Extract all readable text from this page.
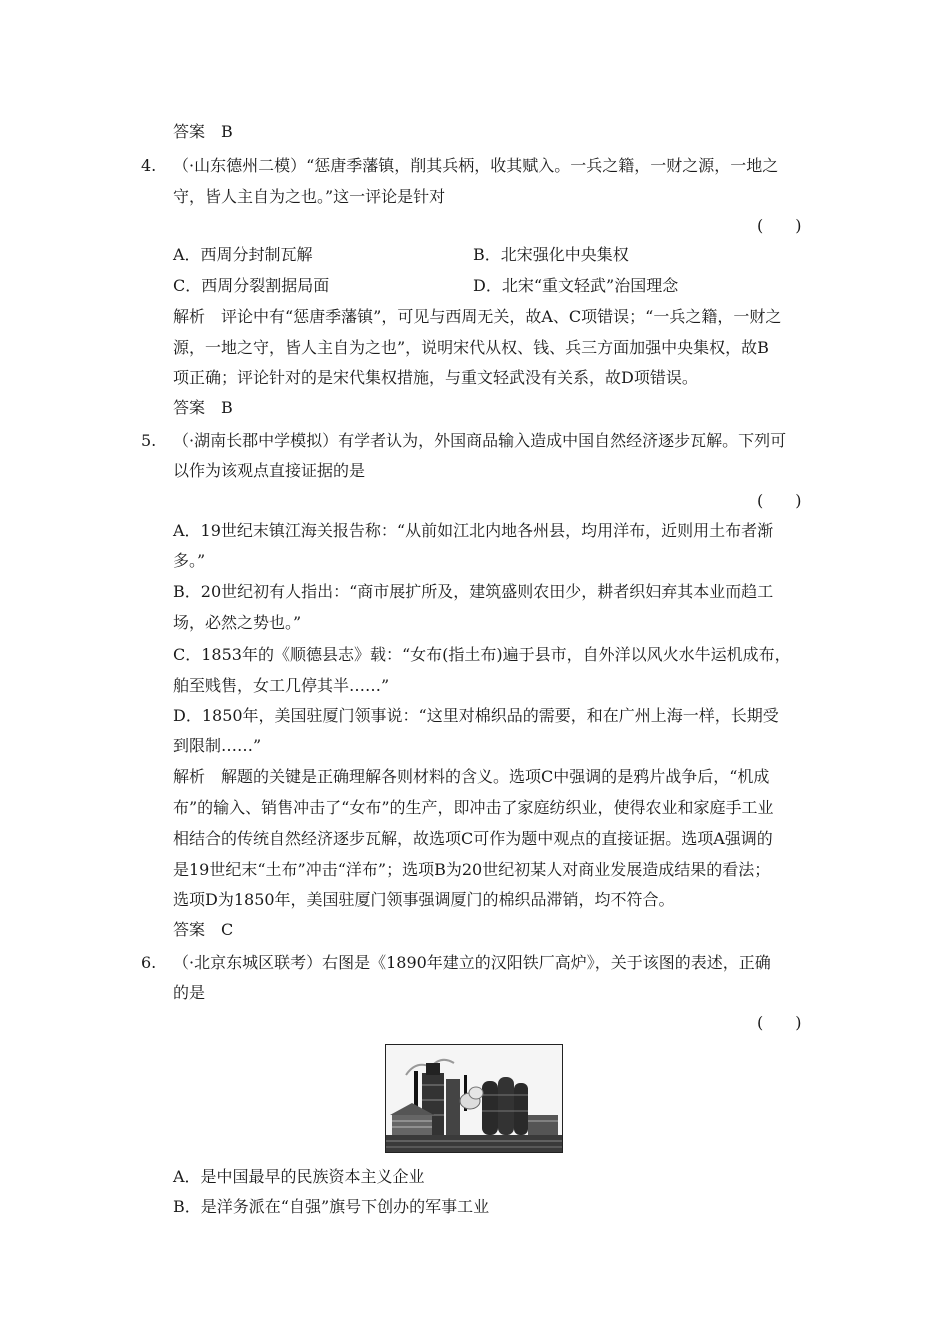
答案　B
4. （·山东德州二模）“惩唐季藩镇，削其兵柄，收其赋入。一兵之籍，一财之源，一地之
守，皆人主自为之也。”这一评论是针对
(　　)
A．西周分封制瓦解	B．北宋强化中央集权
C．西周分裂割据局面	D．北宋“重文轻武”治国理念
解析　评论中有“惩唐季藩镇”，可见与西周无关，故A、C项错误；“一兵之籍，一财之
源，一地之守，皆人主自为之也”，说明宋代从权、钱、兵三方面加强中央集权，故B
项正确；评论针对的是宋代集权措施，与重文轻武没有关系，故D项错误。
答案　B
5. （·湖南长郡中学模拟）有学者认为，外国商品输入造成中国自然经济逐步瓦解。下列可
以作为该观点直接证据的是
(　　)
A．19世纪末镇江海关报告称：“从前如江北内地各州县，均用洋布，近则用土布者渐
多。”
B．20世纪初有人指出：“商市展扩所及，建筑盛则农田少，耕者织妇弃其本业而趋工
场，必然之势也。”
C．1853年的《顺德县志》载：“女布(指土布)遍于县市，自外洋以风火水牛运机成布，
舶至贱售，女工几停其半……”
D．1850年，美国驻厦门领事说：“这里对棉织品的需要，和在广州上海一样，长期受
到限制……”
解析　解题的关键是正确理解各则材料的含义。选项C中强调的是鸦片战争后，“机成
布”的输入、销售冲击了“女布”的生产，即冲击了家庭纺织业，使得农业和家庭手工业
相结合的传统自然经济逐步瓦解，故选项C可作为题中观点的直接证据。选项A强调的
是19世纪末“土布”冲击“洋布”；选项B为20世纪初某人对商业发展造成结果的看法；
选项D为1850年，美国驻厦门领事强调厦门的棉织品滞销，均不符合。
答案　C
6. （·北京东城区联考）右图是《1890年建立的汉阳铁厂高炉》，关于该图的表述，正确
的是
(　　)
A．是中国最早的民族资本主义企业
B．是洋务派在“自强”旗号下创办的军事工业
